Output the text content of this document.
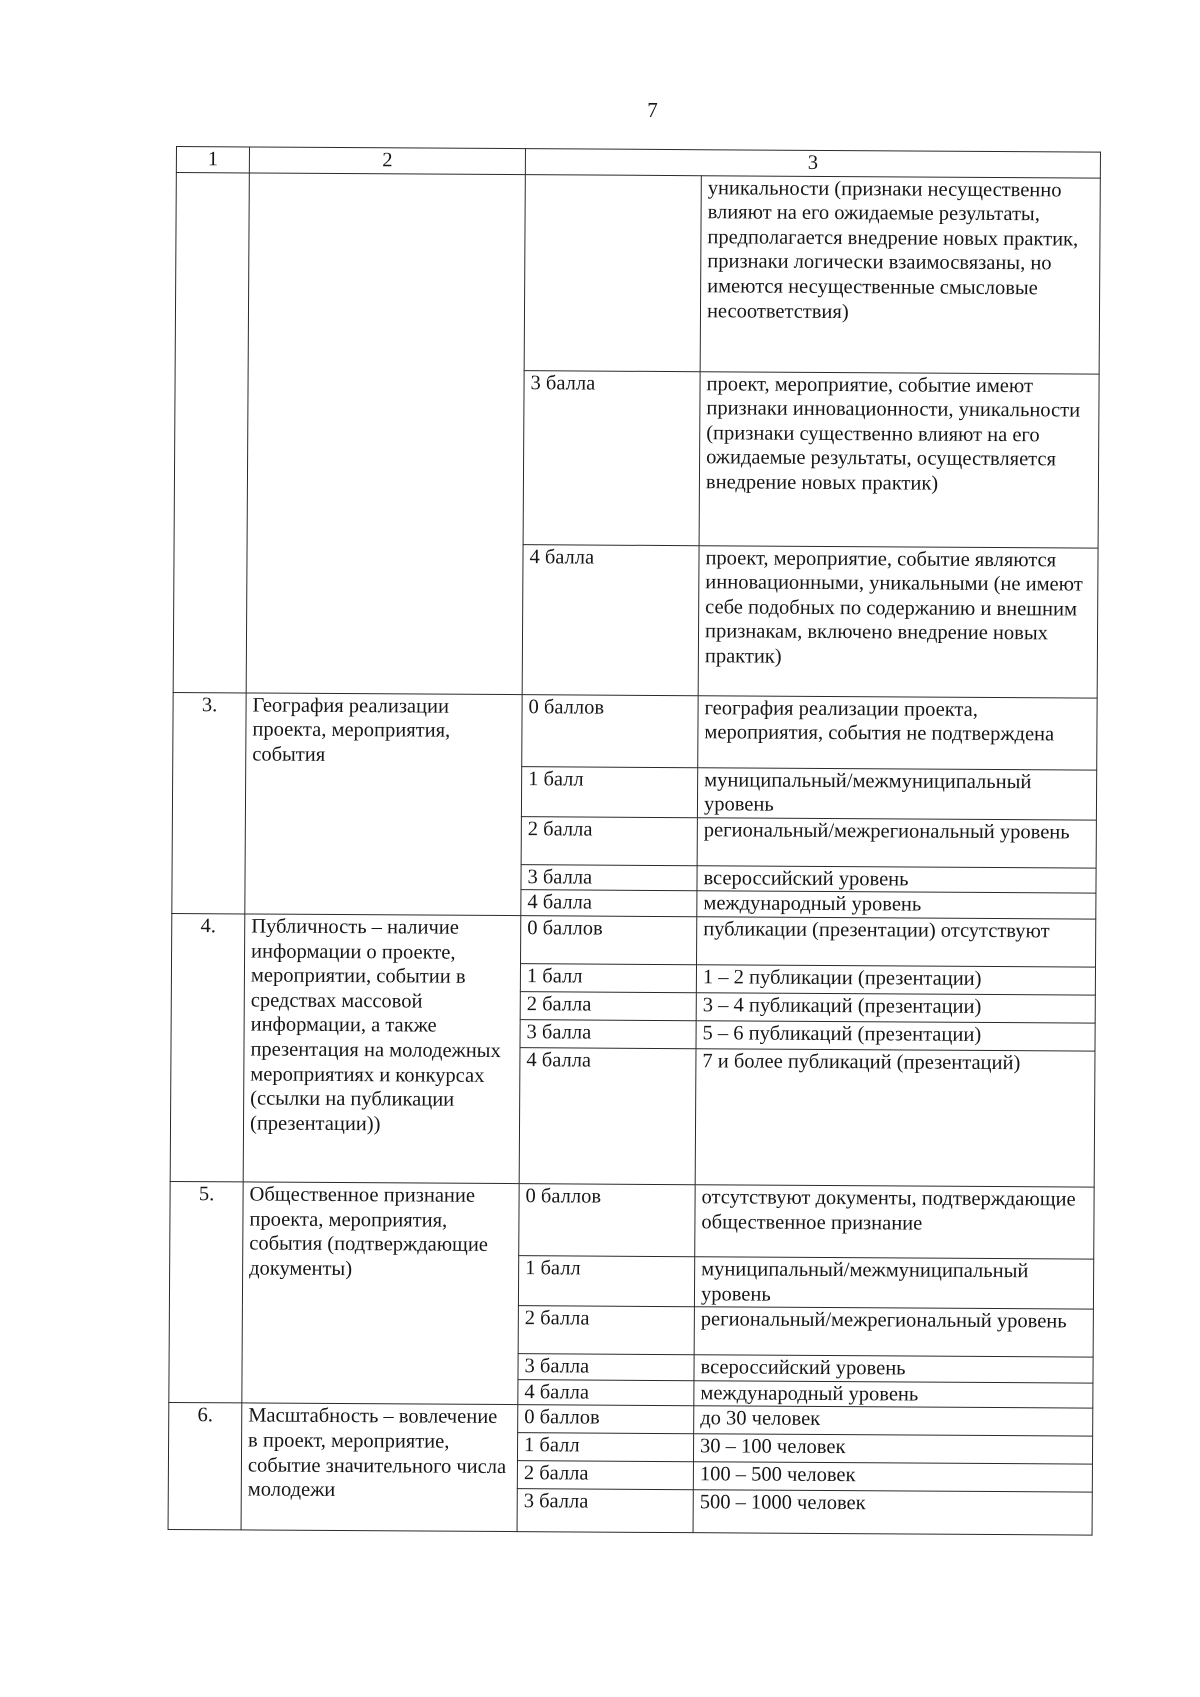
7
1	2	3	
			уникальности (признаки несущественно влияют на его ожидаемые результаты, предполагается внедрение новых практик, признаки логически взаимосвязаны, но имеются несущественные смысловые несоответствия)
		3 балла	проект, мероприятие, событие имеют признаки инновационности, уникальности (признаки существенно влияют на его ожидаемые результаты, осуществляется внедрение новых практик)
		4 балла	проект, мероприятие, событие являются инновационными, уникальными (не имеют себе подобных по содержанию и внешним признакам, включено внедрение новых практик)
3.	География реализации проекта, мероприятия, события	0 баллов	география реализации проекта, мероприятия, события не подтверждена
		1 балл	муниципальный/межмуниципальный уровень
		2 балла	региональный/межрегиональный уровень
		3 балла	всероссийский уровень
		4 балла	международный уровень
4.	Публичность – наличие информации о проекте, мероприятии, событии в средствах массовой информации, а также презентация на молодежных мероприятиях и конкурсах (ссылки на публикации (презентации))	0 баллов	публикации (презентации) отсутствуют
		1 балл	1 – 2 публикации (презентации)
		2 балла	3 – 4 публикаций (презентации)
		3 балла	5 – 6 публикаций (презентации)
		4 балла	7 и более публикаций (презентаций)
5.	Общественное признание проекта, мероприятия, события (подтверждающие документы)	0 баллов	отсутствуют документы, подтверждающие общественное признание
		1 балл	муниципальный/межмуниципальный уровень
		2 балла	региональный/межрегиональный уровень
		3 балла	всероссийский уровень
		4 балла	международный уровень
6.	Масштабность – вовлечение в проект, мероприятие, событие значительного числа молодежи	0 баллов	до 30 человек
		1 балл	30 – 100 человек
		2 балла	100 – 500 человек
		3 балла	500 – 1000 человек
